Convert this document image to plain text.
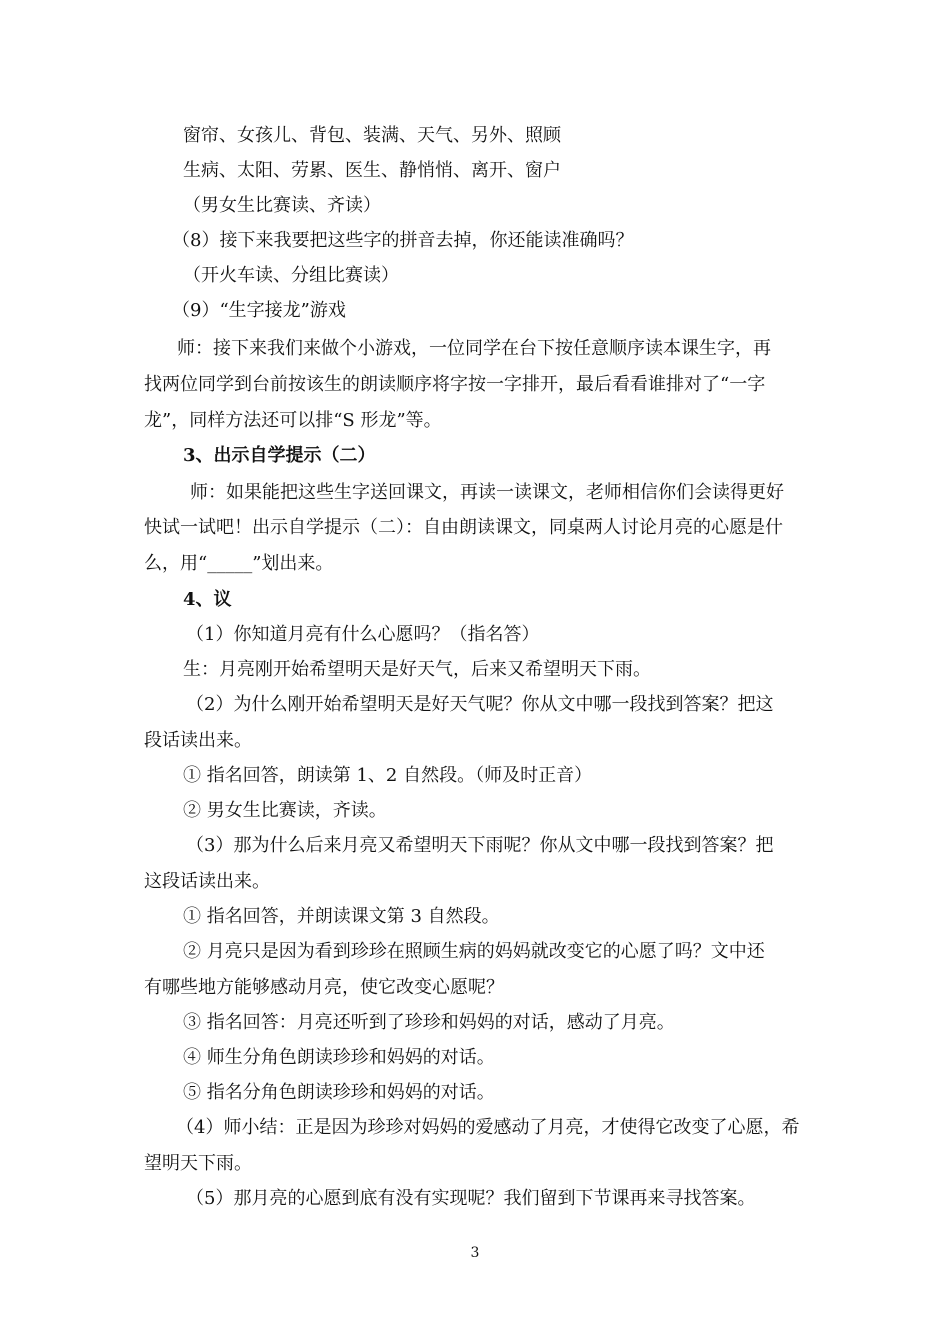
窗帘、女孩儿、背包、装满、天气、另外、照顾
生病、太阳、劳累、医生、静悄悄、离开、窗户
（男女生比赛读、齐读）
（8）接下来我要把这些字的拼音去掉，你还能读准确吗？
（开火车读、分组比赛读）
（9）“生字接龙”游戏
师：接下来我们来做个小游戏，一位同学在台下按任意顺序读本课生字，再
找两位同学到台前按该生的朗读顺序将字按一字排开，最后看看谁排对了“一字
龙”，同样方法还可以排“S 形龙”等。
3、出示自学提示（二）
师：如果能把这些生字送回课文，再读一读课文，老师相信你们会读得更好
快试一试吧！出示自学提示（二）：自由朗读课文，同桌两人讨论月亮的心愿是什
么，用“_____”划出来。
4、议
（1）你知道月亮有什么心愿吗？（指名答）
生：月亮刚开始希望明天是好天气，后来又希望明天下雨。
（2）为什么刚开始希望明天是好天气呢？你从文中哪一段找到答案？把这
段话读出来。
① 指名回答，朗读第 1、2 自然段。（师及时正音）
② 男女生比赛读，齐读。
（3）那为什么后来月亮又希望明天下雨呢？你从文中哪一段找到答案？把
这段话读出来。
① 指名回答，并朗读课文第 3 自然段。
② 月亮只是因为看到珍珍在照顾生病的妈妈就改变它的心愿了吗？文中还
有哪些地方能够感动月亮，使它改变心愿呢？
③ 指名回答：月亮还听到了珍珍和妈妈的对话，感动了月亮。
④ 师生分角色朗读珍珍和妈妈的对话。
⑤ 指名分角色朗读珍珍和妈妈的对话。
（4）师小结：正是因为珍珍对妈妈的爱感动了月亮，才使得它改变了心愿，希
望明天下雨。
（5）那月亮的心愿到底有没有实现呢？我们留到下节课再来寻找答案。
3
